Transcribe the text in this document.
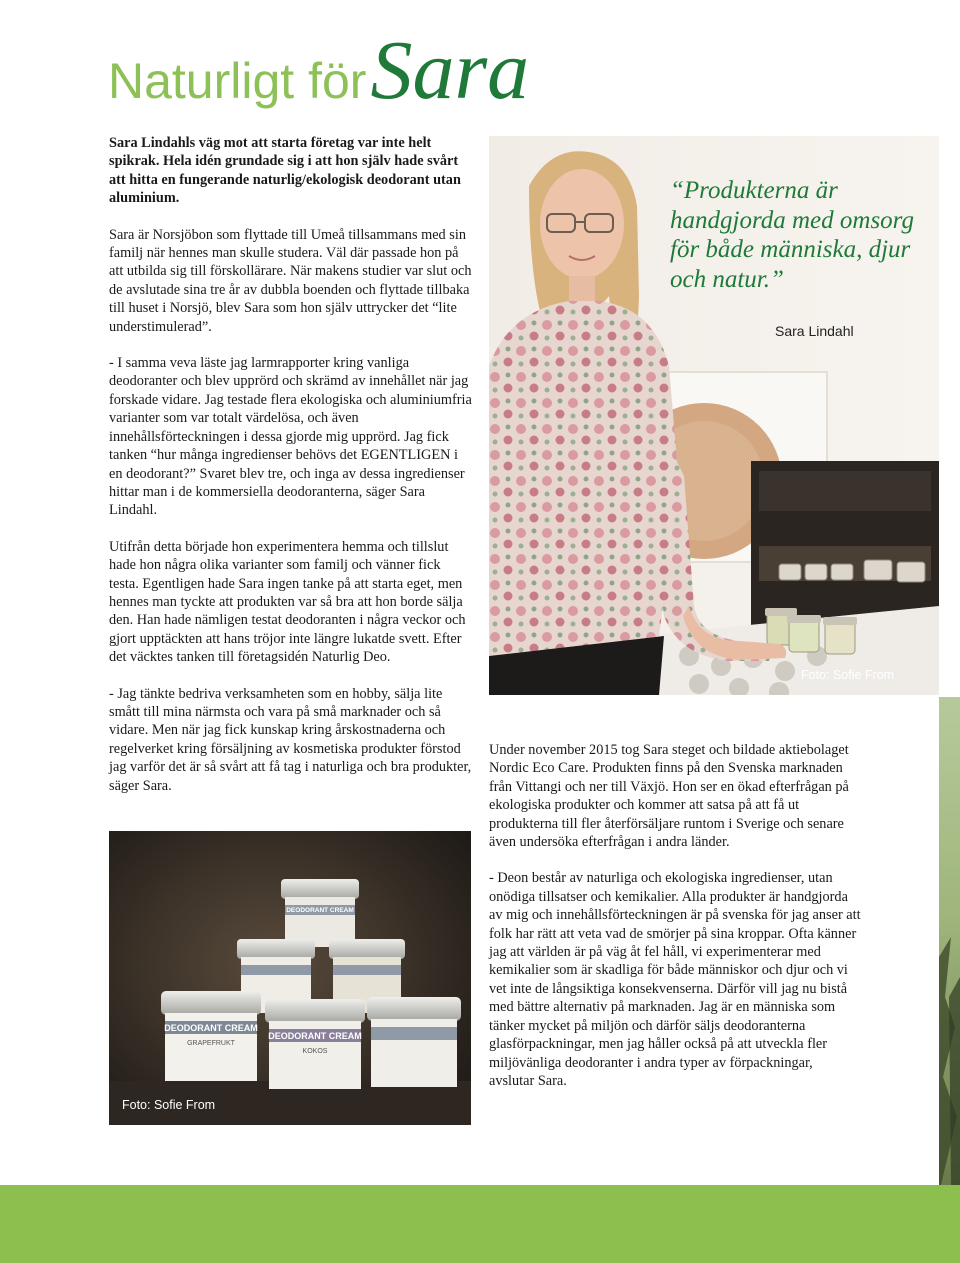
Naturligt förSara

Sara Lindahls väg mot att starta företag var inte helt spikrak. Hela idén grundade sig i att hon själv hade svårt att hitta en fungerande naturlig/ekologisk deodorant utan aluminium.

Sara är Norsjöbon som flyttade till Umeå tillsammans med sin familj när hennes man skulle studera. Väl där passade hon på att utbilda sig till förskollärare. När makens studier var slut och de avslutade sina tre år av dubbla boenden och flyttade tillbaka till huset i Norsjö, blev Sara som hon själv uttrycker det “lite understimulerad”.

- I samma veva läste jag larmrapporter kring vanliga deodoranter och blev upprörd och skrämd av innehållet när jag forskade vidare. Jag testade flera ekologiska och aluminiumfria varianter som var totalt värdelösa, och även innehållsförteckningen i dessa gjorde mig upprörd. Jag fick tanken “hur många ingredienser behövs det EGENTLIGEN i en deodorant?” Svaret blev tre, och inga av dessa ingredienser hittar man i de kommersiella deodoranterna, säger Sara Lindahl.

Utifrån detta började hon experimentera hemma och tillslut hade hon några olika varianter som familj och vänner fick testa. Egentligen hade Sara ingen tanke på att starta eget, men hennes man tyckte att produkten var så bra att hon borde sälja den. Han hade nämligen testat deodoranten i några veckor och gjort upptäckten att hans tröjor inte längre lukatde svett. Efter det väcktes tanken till företagsidén Naturlig Deo.

- Jag tänkte bedriva verksamheten som en hobby, sälja lite smått till mina närmsta och vara på små marknader och så vidare. Men när jag fick kunskap kring årskostnaderna och regelverket kring försäljning av kosmetiska produkter förstod jag varför det är så svårt att få tag i naturliga och bra produkter, säger Sara.

“Produkterna är handgjorda med omsorg för både människa, djur och natur.”
Sara Lindahl
Foto: Sofie From

Under november 2015 tog Sara steget och bildade aktiebolaget Nordic Eco Care. Produkten finns på den Svenska marknaden från Vittangi och ner till Växjö. Hon ser en ökad efterfrågan på ekologiska produkter och kommer att satsa på att få ut produkterna till fler återförsäljare runtom i Sverige och senare även undersöka efterfrågan i andra länder.

- Deon består av naturliga och ekologiska ingredienser, utan onödiga tillsatser och kemikalier. Alla produkter är handgjorda av mig och innehållsförteckningen är på svenska för jag anser att folk har rätt att veta vad de smörjer på sina kroppar. Ofta känner jag att världen är på väg åt fel håll, vi experimenterar med kemikalier som är skadliga för både människor och djur och vi vet inte de långsiktiga konsekvenserna. Därför vill jag nu bistå med bättre alternativ på marknaden. Jag är en människa som tänker mycket på miljön och därför säljs deodoranterna glasförpackningar, men jag håller också på att utveckla fler miljövänliga deodoranter i andra typer av förpackningar, avslutar Sara.

DEODORANT CREAM
GRAPEFRUKT
DEODORANT CREAM
KOKOS
DEODORANT CREAM
Foto: Sofie From
